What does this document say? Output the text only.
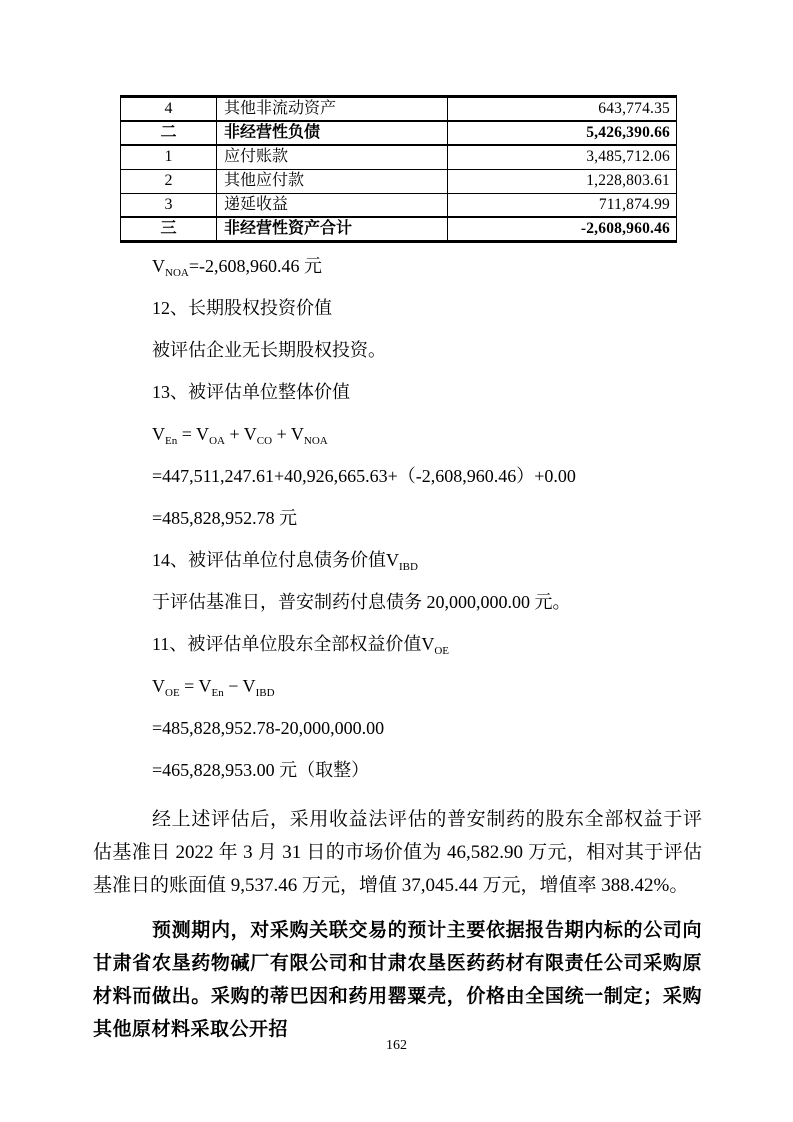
4	其他非流动资产	643,774.35
二	非经营性负债	5,426,390.66
1	应付账款	3,485,712.06
2	其他应付款	1,228,803.61
3	递延收益	711,874.99
三	非经营性资产合计	-2,608,960.46

$V_{NOA}=-2,608,960.46$ 元

12、长期股权投资价值

被评估企业无长期股权投资。

13、被评估单位整体价值

$V_{En} = V_{OA} + V_{CO} + V_{NOA}$

=447,511,247.61+40,926,665.63+（-2,608,960.46）+0.00

=485,828,952.78 元

14、被评估单位付息债务价值$V_{IBD}$

于评估基准日，普安制药付息债务 20,000,000.00 元。

11、被评估单位股东全部权益价值$V_{OE}$

$V_{OE} = V_{En} - V_{IBD}$

=485,828,952.78-20,000,000.00

=465,828,953.00 元（取整）

经上述评估后，采用收益法评估的普安制药的股东全部权益于评估基准日 2022 年 3 月 31 日的市场价值为 46,582.90 万元，相对其于评估基准日的账面值 9,537.46 万元，增值 37,045.44 万元，增值率 388.42%。

预测期内，对采购关联交易的预计主要依据报告期内标的公司向甘肃省农垦药物碱厂有限公司和甘肃农垦医药药材有限责任公司采购原材料而做出。采购的蒂巴因和药用罂粟壳，价格由全国统一制定；采购其他原材料采取公开招

162
